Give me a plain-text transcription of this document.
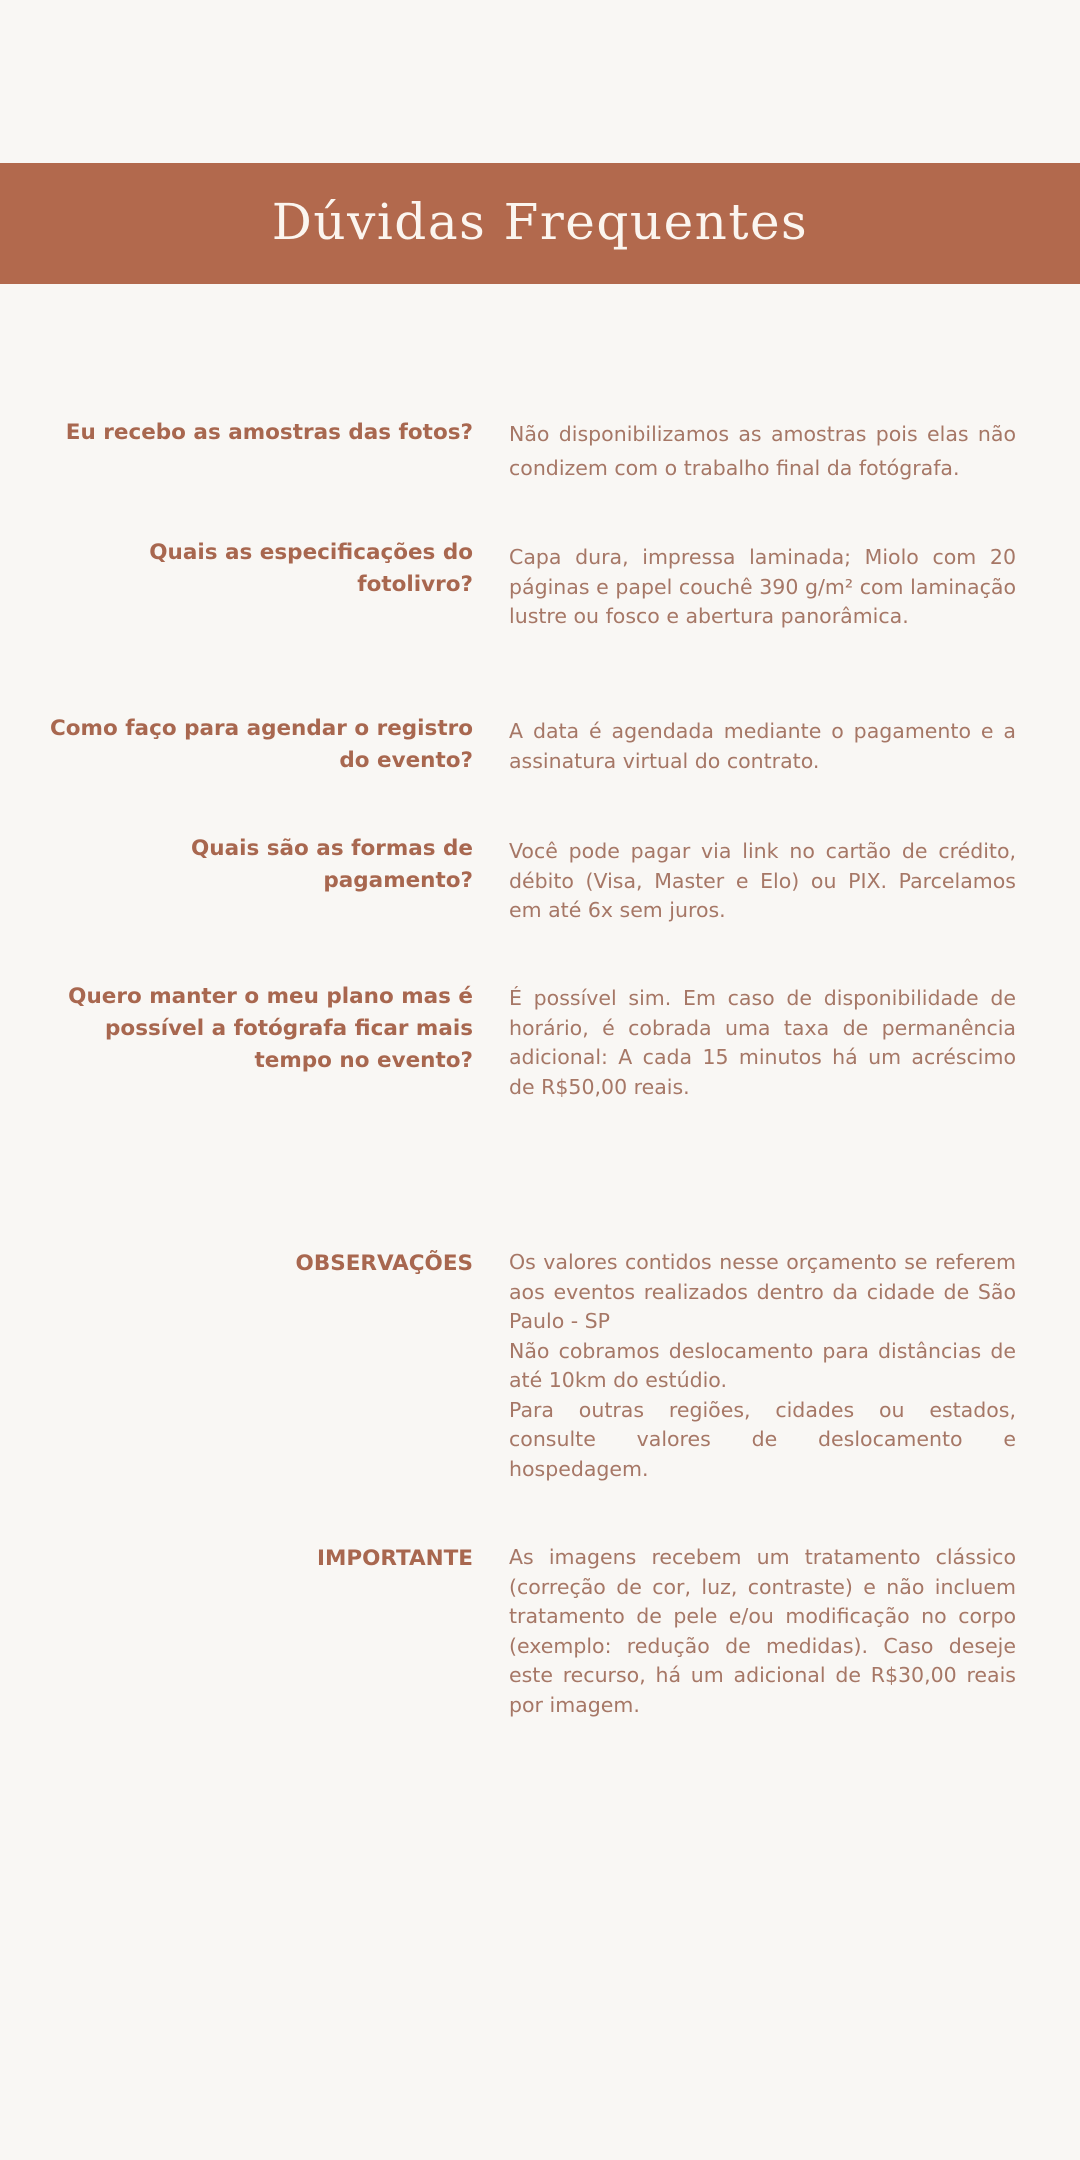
Dúvidas Frequentes
Eu recebo as amostras das fotos? Não disponibilizamos as amostras pois elas não condizem com o trabalho final da fotógrafa.
Quais as especificações do fotolivro?
Capa dura, impressa laminada; Miolo com 20 páginas e papel couchê 390 g/m² com laminação lustre ou fosco e abertura panorâmica.
Como faço para agendar o registro do evento?
A data é agendada mediante o pagamento e a assinatura virtual do contrato.
Quais são as formas de pagamento?
Você pode pagar via link no cartão de crédito, débito (Visa, Master e Elo) ou PIX. Parcelamos em até 6x sem juros.
Quero manter o meu plano mas é possível a fotógrafa ficar mais tempo no evento?
É possível sim. Em caso de disponibilidade de horário, é cobrada uma taxa de permanência adicional: A cada 15 minutos há um acréscimo de R$50,00 reais.
OBSERVAÇÕES Os valores contidos nesse orçamento se referem aos eventos realizados dentro da cidade de São Paulo - SP

Não cobramos deslocamento para distâncias de até 10km do estúdio.

Para outras regiões, cidades ou estados, consulte valores de deslocamento e hospedagem.

IMPORTANTE As imagens recebem um tratamento clássico (correção de cor, luz, contraste) e não incluem tratamento de pele e/ou modificação no corpo (exemplo: redução de medidas). Caso deseje este recurso, há um adicional de R$30,00 reais por imagem.
